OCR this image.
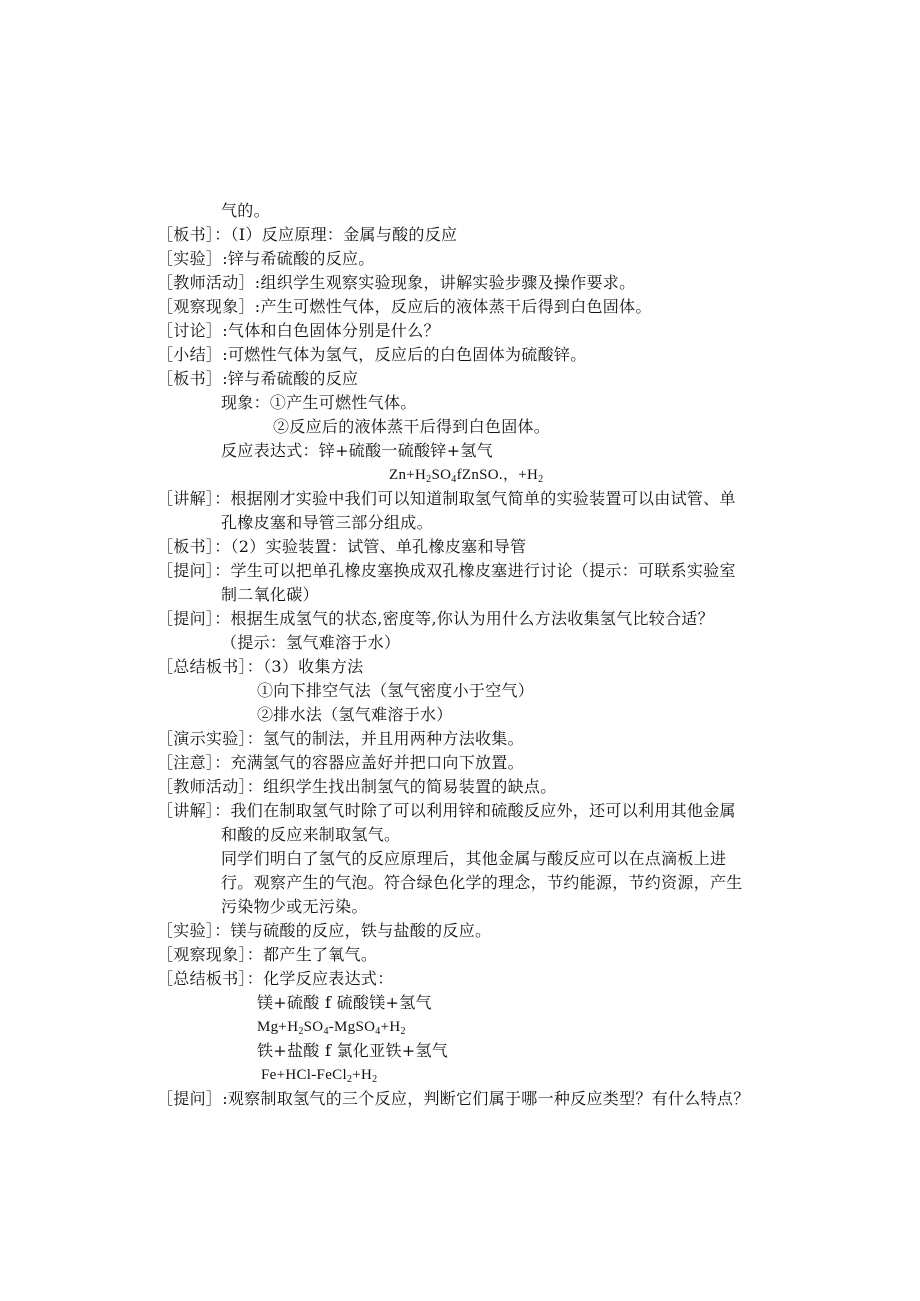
气的。
［板书］：（I）反应原理：金属与酸的反应
［实验］:锌与希硫酸的反应。
［教师活动］:组织学生观察实验现象，讲解实验步骤及操作要求。
［观察现象］:产生可燃性气体，反应后的液体蒸干后得到白色固体。
［讨论］:气体和白色固体分别是什么？
［小结］:可燃性气体为氢气，反应后的白色固体为硫酸锌。
［板书］:锌与希硫酸的反应
现象：①产生可燃性气体。
②反应后的液体蒸干后得到白色固体。
反应表达式：锌+硫酸一硫酸锌+氢气
$Zn+H_2SO_4fZnSO$.，$+H_2$
［讲解］：根据刚才实验中我们可以知道制取氢气简单的实验装置可以由试管、单
孔橡皮塞和导管三部分组成。
［板书］：（2）实验装置：试管、单孔橡皮塞和导管
［提问］：学生可以把单孔橡皮塞换成双孔橡皮塞进行讨论（提示：可联系实验室
制二氧化碳）
［提问］：根据生成氢气的状态,密度等,你认为用什么方法收集氢气比较合适？
（提示：氢气难溶于水）
［总结板书］：（3）收集方法
①向下排空气法（氢气密度小于空气）
②排水法（氢气难溶于水）
［演示实验］：氢气的制法，并且用两种方法收集。
［注意］：充满氢气的容器应盖好并把口向下放置。
［教师活动］：组织学生找出制氢气的简易装置的缺点。
［讲解］：我们在制取氢气时除了可以利用锌和硫酸反应外，还可以利用其他金属
和酸的反应来制取氢气。
同学们明白了氢气的反应原理后，其他金属与酸反应可以在点滴板上进
行。观察产生的气泡。符合绿色化学的理念，节约能源，节约资源，产生
污染物少或无污染。
［实验］：镁与硫酸的反应，铁与盐酸的反应。
［观察现象］：都产生了氧气。
［总结板书］：化学反应表达式：
镁+硫酸 f 硫酸镁+氢气
$Mg+H_2SO_4-MgSO_4+H_2$
铁+盐酸 f 氯化亚铁+氢气
$Fe+HCl-FeCl_2+H_2$
［提问］:观察制取氢气的三个反应，判断它们属于哪一种反应类型？有什么特点？
